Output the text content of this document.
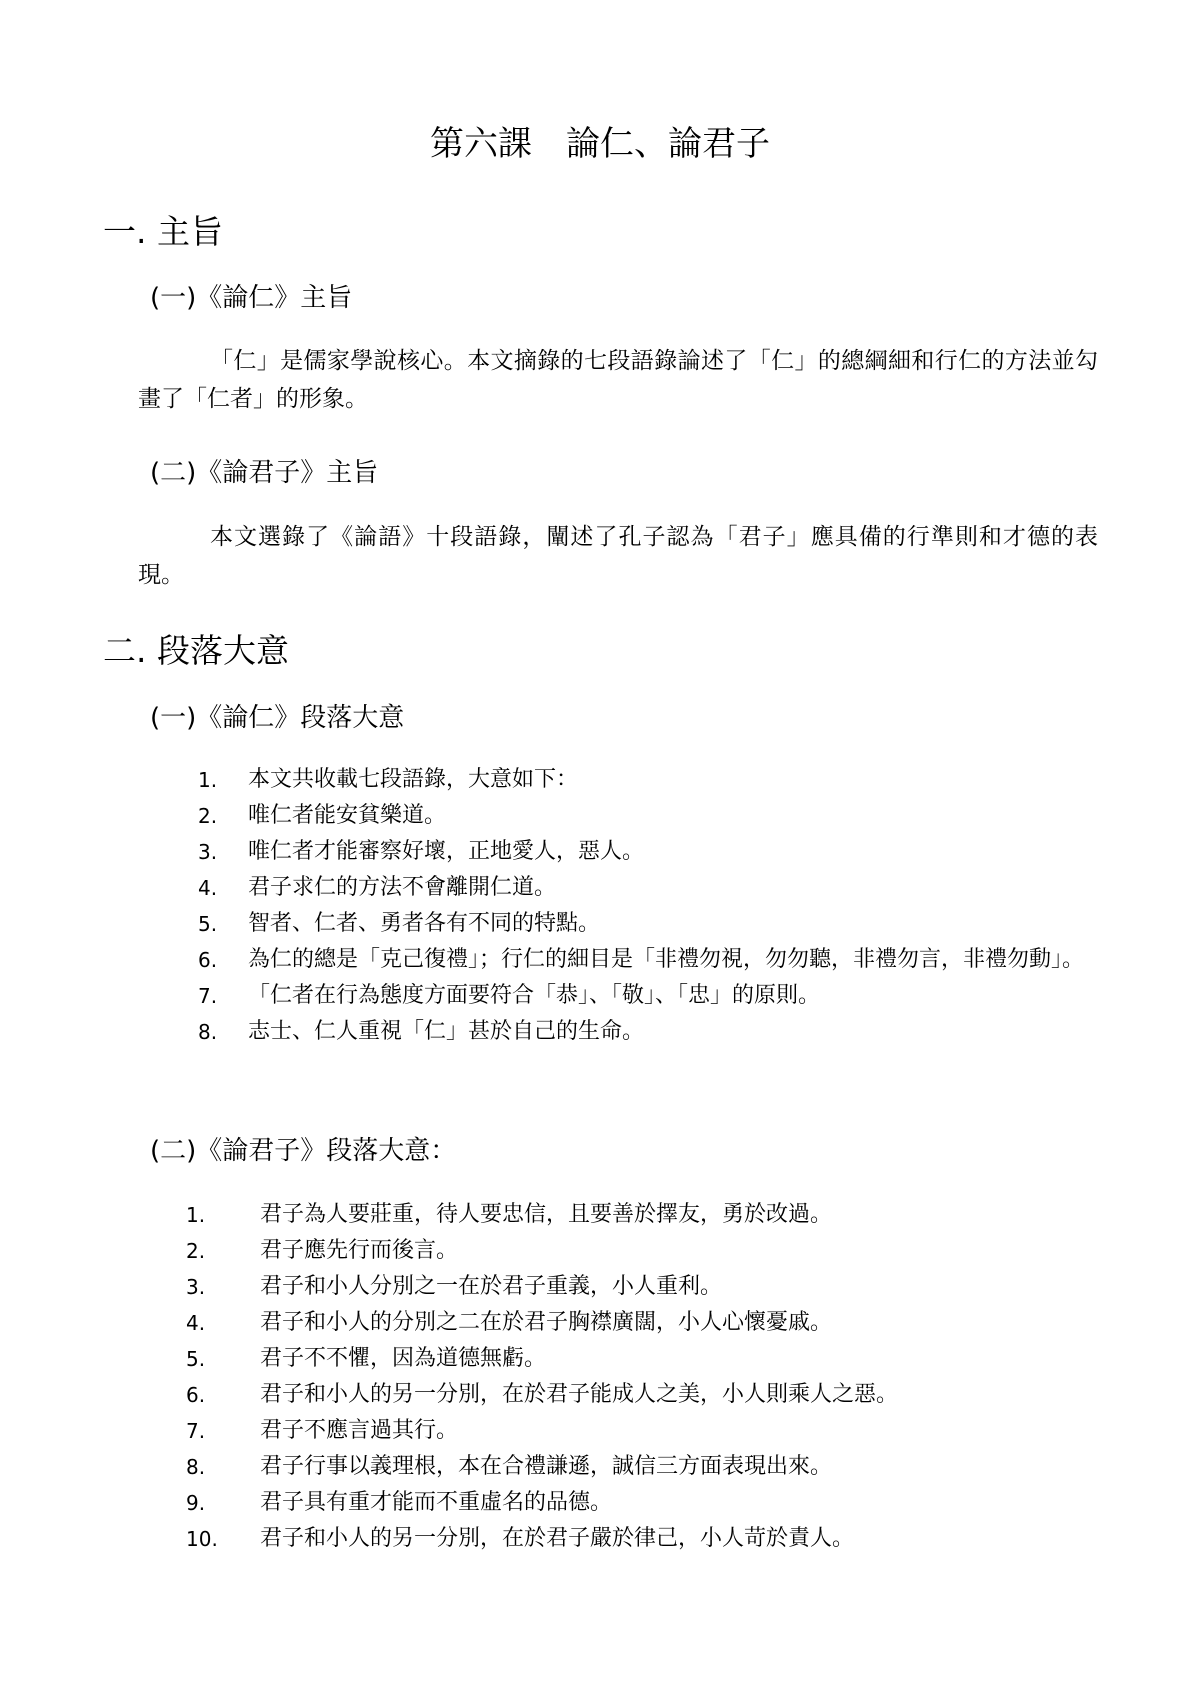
第六課　論仁、論君子
一. 主旨
(一)《論仁》主旨
「仁」是儒家學說核心。本文摘錄的七段語錄論述了「仁」的總綱細和行仁的方法並勾畫了「仁者」的形象。
(二)《論君子》主旨
本文選錄了《論語》十段語錄，闡述了孔子認為「君子」應具備的行準則和才德的表現。
二. 段落大意
(一)《論仁》段落大意
1.	本文共收載七段語錄，大意如下：
2.	唯仁者能安貧樂道。
3.	唯仁者才能審察好壞，正地愛人，惡人。
4.	君子求仁的方法不會離開仁道。
5.	智者、仁者、勇者各有不同的特點。
6.	為仁的總是「克己復禮」；行仁的細目是「非禮勿視，勿勿聽，非禮勿言，非禮勿動」。
7.	「仁者在行為態度方面要符合「恭」、「敬」、「忠」的原則。
8.	志士、仁人重視「仁」甚於自己的生命。
(二)《論君子》段落大意：
1.	君子為人要莊重，待人要忠信，且要善於擇友，勇於改過。
2.	君子應先行而後言。
3.	君子和小人分別之一在於君子重義，小人重利。
4.	君子和小人的分別之二在於君子胸襟廣闊，小人心懷憂戚。
5.	君子不不懼，因為道德無虧。
6.	君子和小人的另一分別，在於君子能成人之美，小人則乘人之惡。
7.	君子不應言過其行。
8.	君子行事以義理根，本在合禮謙遜，誠信三方面表現出來。
9.	君子具有重才能而不重虛名的品德。
10.	君子和小人的另一分別，在於君子嚴於律己，小人苛於責人。
